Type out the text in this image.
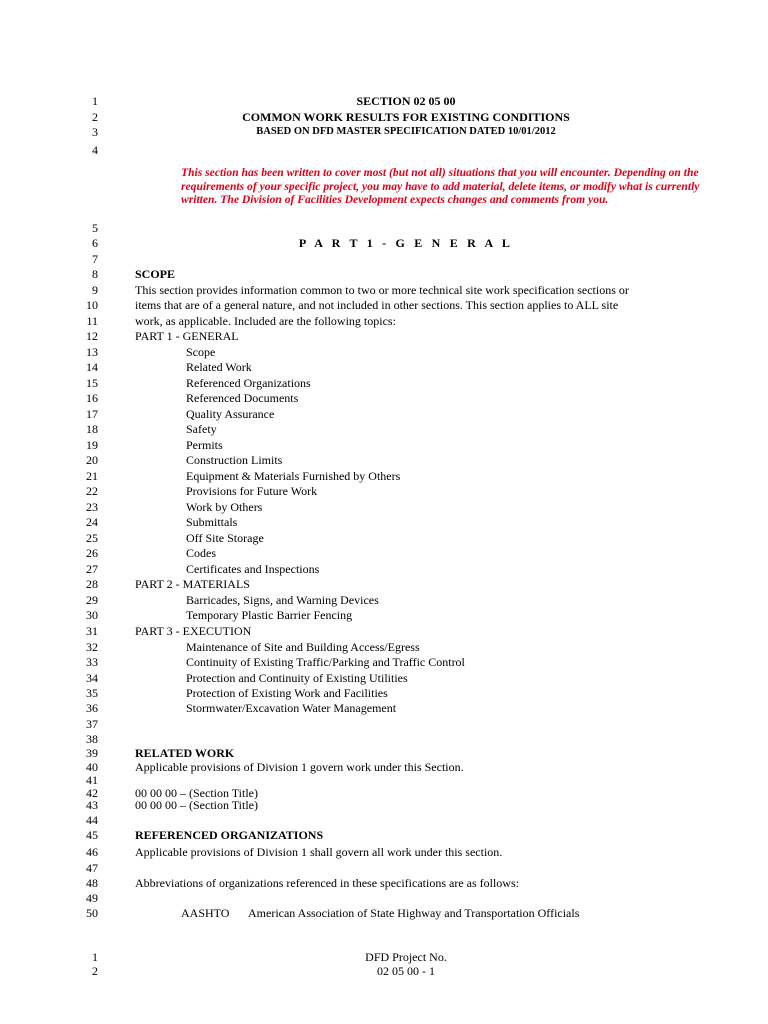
1
2
3
4
5
6
7
8
9
10
11
12
13
14
15
16
17
18
19
20
21
22
23
24
25
26
27
28
29
30
31
32
33
34
35
36
37
38
39
40
41
42
43
44
45
46
47
48
49
50
SECTION 02 05 00
COMMON WORK RESULTS FOR EXISTING CONDITIONS
BASED ON DFD MASTER SPECIFICATION DATED 10/01/2012
This section has been written to cover most (but not all) situations that you will encounter. Depending on the requirements of your specific project, you may have to add material, delete items, or modify what is currently written. The Division of Facilities Development expects changes and comments from you.
P A R T 1 - G E N E R A L
SCOPE
This section provides information common to two or more technical site work specification sections or
items that are of a general nature, and not included in other sections. This section applies to ALL site
work, as applicable. Included are the following topics:
PART 1 - GENERAL
Scope
Related Work
Referenced Organizations
Referenced Documents
Quality Assurance
Safety
Permits
Construction Limits
Equipment & Materials Furnished by Others
Provisions for Future Work
Work by Others
Submittals
Off Site Storage
Codes
Certificates and Inspections
PART 2 - MATERIALS
Barricades, Signs, and Warning Devices
Temporary Plastic Barrier Fencing
PART 3 - EXECUTION
Maintenance of Site and Building Access/Egress
Continuity of Existing Traffic/Parking and Traffic Control
Protection and Continuity of Existing Utilities
Protection of Existing Work and Facilities
Stormwater/Excavation Water Management
RELATED WORK
Applicable provisions of Division 1 govern work under this Section.
00 00 00 – (Section Title)
00 00 00 – (Section Title)
REFERENCED ORGANIZATIONS
Applicable provisions of Division 1 shall govern all work under this section.
Abbreviations of organizations referenced in these specifications are as follows:
AASHTO American Association of State Highway and Transportation Officials
1
2
DFD Project No.
02 05 00 - 1
